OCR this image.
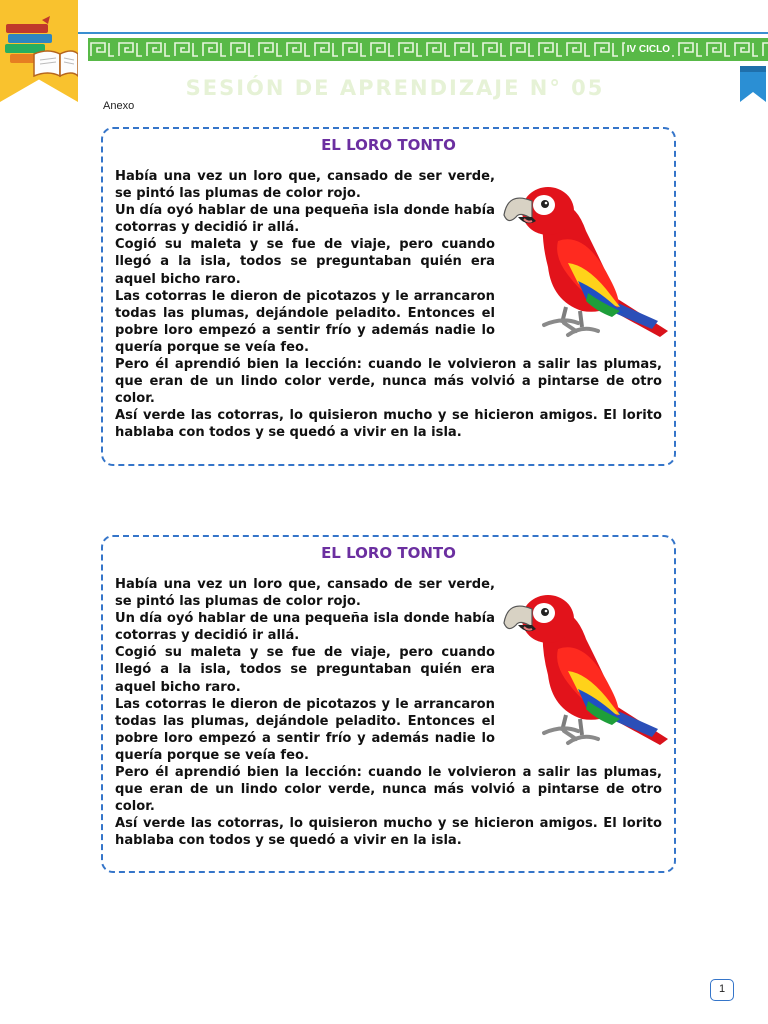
IV CICLO
SESIÓN DE APRENDIZAJE N° 05
Anexo
EL LORO TONTO

Había una vez un loro que, cansado de ser verde, se pintó las plumas de color rojo.

Un día oyó hablar de una pequeña isla donde había cotorras y decidió ir allá.

Cogió su maleta y se fue de viaje, pero cuando llegó a la isla, todos se preguntaban quién era aquel bicho raro.

Las cotorras le dieron de picotazos y le arrancaron todas las plumas, dejándole peladito. Entonces el pobre loro empezó a sentir frío y además nadie lo quería porque se veía feo.

Pero él aprendió bien la lección: cuando le volvieron a salir las plumas, que eran de un lindo color verde, nunca más volvió a pintarse de otro color.

Así verde las cotorras, lo quisieron mucho y se hicieron amigos. El lorito hablaba con todos y se quedó a vivir en la isla.

EL LORO TONTO

Había una vez un loro que, cansado de ser verde, se pintó las plumas de color rojo.

Un día oyó hablar de una pequeña isla donde había cotorras y decidió ir allá.

Cogió su maleta y se fue de viaje, pero cuando llegó a la isla, todos se preguntaban quién era aquel bicho raro.

Las cotorras le dieron de picotazos y le arrancaron todas las plumas, dejándole peladito. Entonces el pobre loro empezó a sentir frío y además nadie lo quería porque se veía feo.

Pero él aprendió bien la lección: cuando le volvieron a salir las plumas, que eran de un lindo color verde, nunca más volvió a pintarse de otro color.

Así verde las cotorras, lo quisieron mucho y se hicieron amigos. El lorito hablaba con todos y se quedó a vivir en la isla.

1
